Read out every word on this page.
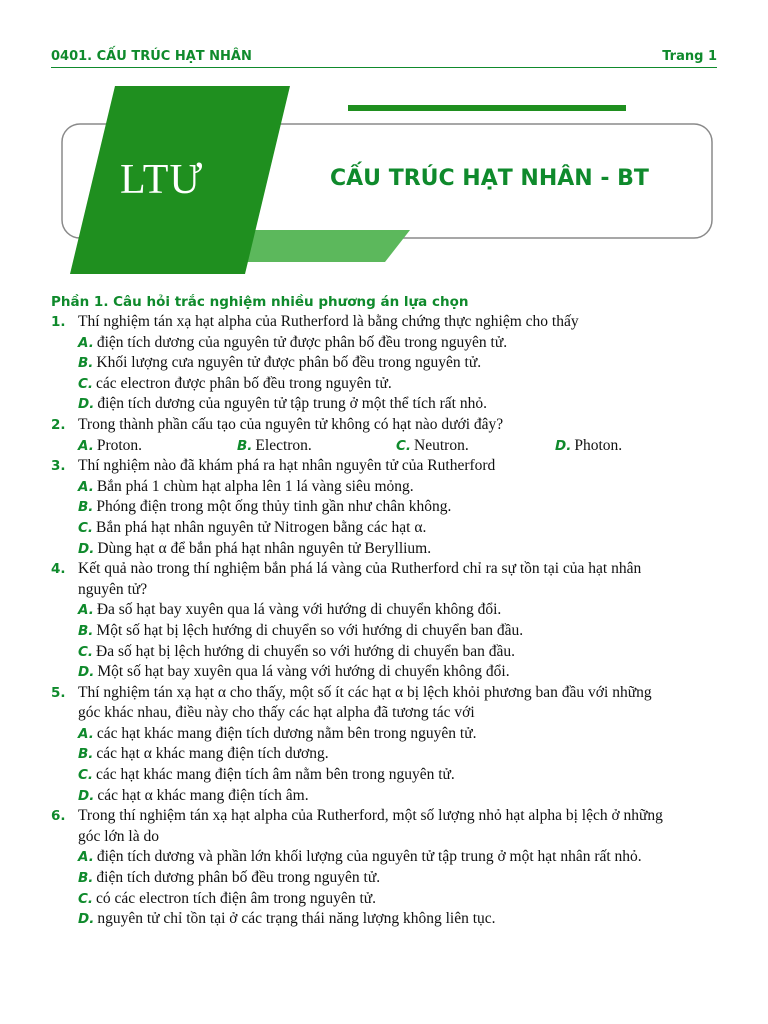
0401. CẤU TRÚC HẠT NHÂN	Trang 1
LTƯ	CẤU TRÚC HẠT NHÂN - BT
Phần 1. Câu hỏi trắc nghiệm nhiều phương án lựa chọn
1. Thí nghiệm tán xạ hạt alpha của Rutherford là bằng chứng thực nghiệm cho thấy
A. điện tích dương của nguyên tử được phân bố đều trong nguyên tử.
B. Khối lượng cưa nguyên tử được phân bố đều trong nguyên tử.
C. các electron được phân bố đều trong nguyên tử.
D. điện tích dương của nguyên tử tập trung ở một thể tích rất nhỏ.
2. Trong thành phần cấu tạo của nguyên tử không có hạt nào dưới đây?
A. Proton.	B. Electron.	C. Neutron.	D. Photon.
3. Thí nghiệm nào đã khám phá ra hạt nhân nguyên tử của Rutherford
A. Bắn phá 1 chùm hạt alpha lên 1 lá vàng siêu mỏng.
B. Phóng điện trong một ống thủy tinh gần như chân không.
C. Bắn phá hạt nhân nguyên tử Nitrogen bằng các hạt α.
D. Dùng hạt α để bắn phá hạt nhân nguyên tử Beryllium.
4. Kết quả nào trong thí nghiệm bắn phá lá vàng của Rutherford chỉ ra sự tồn tại của hạt nhân
nguyên tử?
A. Đa số hạt bay xuyên qua lá vàng với hướng di chuyển không đổi.
B. Một số hạt bị lệch hướng di chuyển so với hướng di chuyển ban đầu.
C. Đa số hạt bị lệch hướng di chuyển so với hướng di chuyển ban đầu.
D. Một số hạt bay xuyên qua lá vàng với hướng di chuyển không đổi.
5. Thí nghiệm tán xạ hạt α cho thấy, một số ít các hạt α bị lệch khỏi phương ban đầu với những
góc khác nhau, điều này cho thấy các hạt alpha đã tương tác với
A. các hạt khác mang điện tích dương nằm bên trong nguyên tử.
B. các hạt α khác mang điện tích dương.
C. các hạt khác mang điện tích âm nằm bên trong nguyên tử.
D. các hạt α khác mang điện tích âm.
6. Trong thí nghiệm tán xạ hạt alpha của Rutherford, một số lượng nhỏ hạt alpha bị lệch ở những
góc lớn là do
A. điện tích dương và phần lớn khối lượng của nguyên tử tập trung ở một hạt nhân rất nhỏ.
B. điện tích dương phân bố đều trong nguyên tử.
C. có các electron tích điện âm trong nguyên tử.
D. nguyên tử chỉ tồn tại ở các trạng thái năng lượng không liên tục.
